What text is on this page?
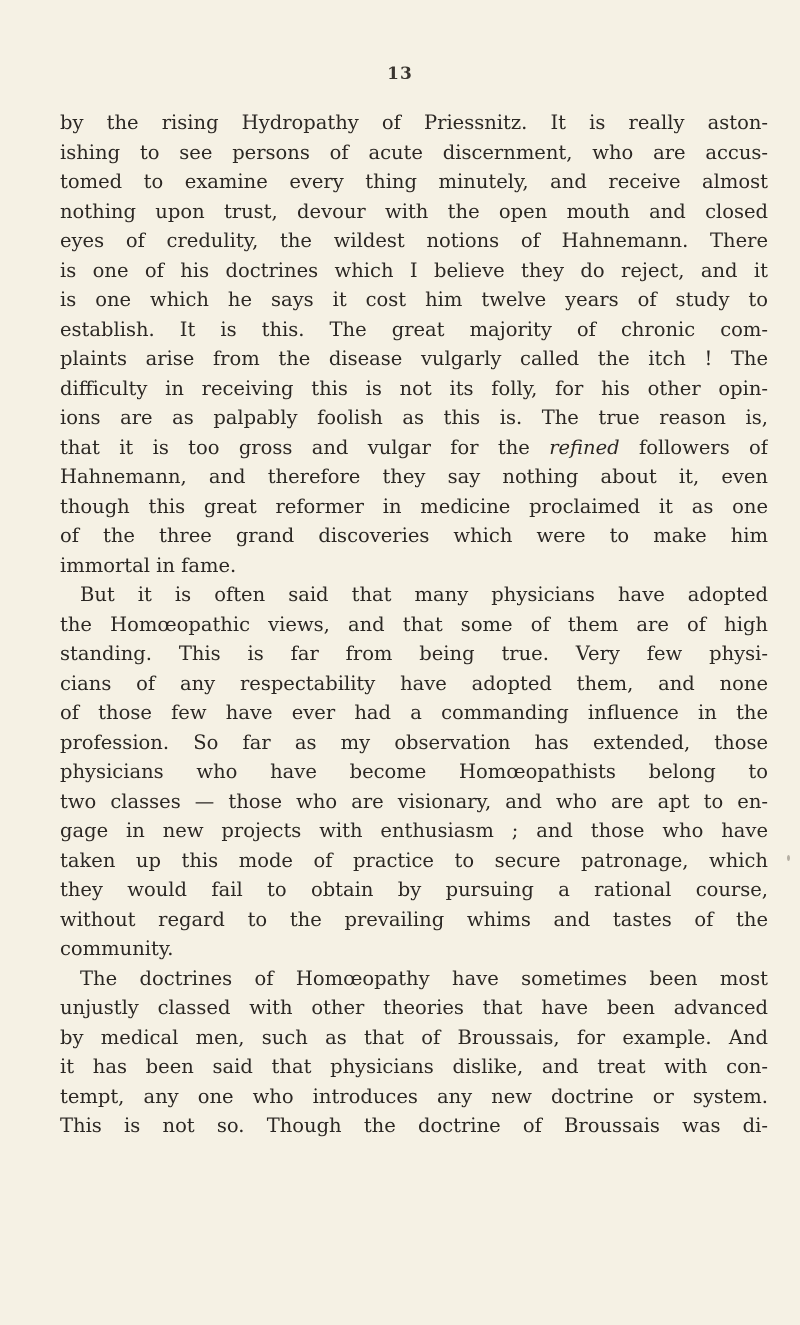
13
by the rising Hydropathy of Priessnitz. It is really aston-
ishing to see persons of acute discernment, who are accus-
tomed to examine every thing minutely, and receive almost
nothing upon trust, devour with the open mouth and closed
eyes of credulity, the wildest notions of Hahnemann. There
is one of his doctrines which I believe they do reject, and it
is one which he says it cost him twelve years of study to
establish. It is this. The great majority of chronic com-
plaints arise from the disease vulgarly called the itch ! The
difficulty in receiving this is not its folly, for his other opin-
ions are as palpably foolish as this is. The true reason is,
that it is too gross and vulgar for the refined followers of
Hahnemann, and therefore they say nothing about it, even
though this great reformer in medicine proclaimed it as one
of the three grand discoveries which were to make him
immortal in fame.
But it is often said that many physicians have adopted
the Homœopathic views, and that some of them are of high
standing. This is far from being true. Very few physi-
cians of any respectability have adopted them, and none
of those few have ever had a commanding influence in the
profession. So far as my observation has extended, those
physicians who have become Homœopathists belong to
two classes — those who are visionary, and who are apt to en-
gage in new projects with enthusiasm ; and those who have
taken up this mode of practice to secure patronage, which
they would fail to obtain by pursuing a rational course,
without regard to the prevailing whims and tastes of the
community.
The doctrines of Homœopathy have sometimes been most
unjustly classed with other theories that have been advanced
by medical men, such as that of Broussais, for example. And
it has been said that physicians dislike, and treat with con-
tempt, any one who introduces any new doctrine or system.
This is not so. Though the doctrine of Broussais was di-
